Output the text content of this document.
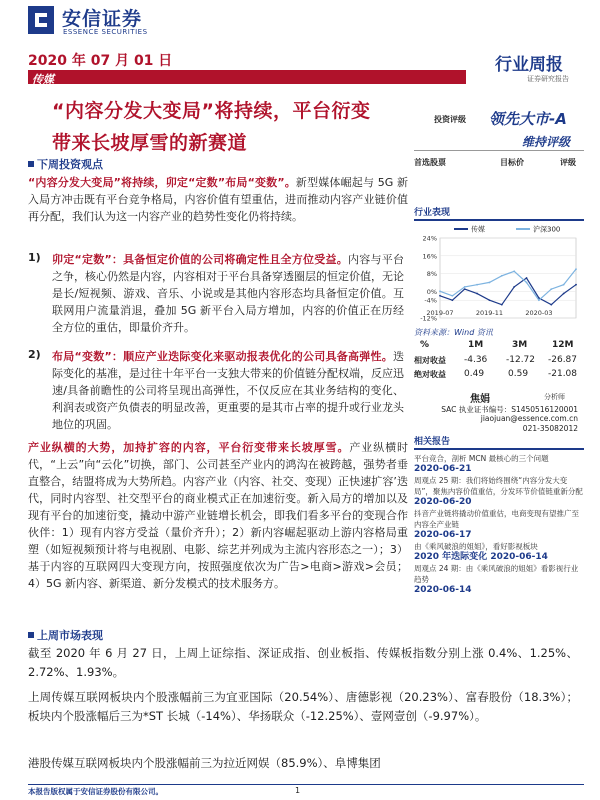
安信证券
ESSENCE SECURITIES
2020 年 07 月 01 日	行业周报
证券研究报告
传媒
“内容分发大变局”将持续，平台衍变
带来长坡厚雪的新赛道
投资评级 领先大市-A
维持评级
首选股票	目标价	评级
下周投资观点
“内容分发大变局”将持续，卯定“定数”布局“变数”。新型媒体崛起与 5G 新入局方冲击既有平台竞争格局，内容价值有望重估，进而推动内容产业链价值再分配，我们认为这一内容产业的趋势性变化仍将持续。
1) 卯定“定数”：具备恒定价值的公司将确定性且全方位受益。内容与平台之争，核心仍然是内容，内容相对于平台具备穿透圈层的恒定价值，无论是长/短视频、游戏、音乐、小说或是其他内容形态均具备恒定价值。互联网用户流量消退，叠加 5G 新平台入局方增加，内容的价值正在历经全方位的重估，即量价齐升。
2) 布局“变数”：顺应产业迭际变化来驱动报表优化的公司具备高弹性。迭际变化的基准，是过往十年平台一支独大带来的价值链分配权端，反应迅速/具备前瞻性的公司将呈现出高弹性，不仅反应在其业务结构的变化、利润表或资产负债表的明显改善，更重要的是其市占率的提升或行业龙头地位的巩固。
产业纵横的大势，加持扩容的内容，平台衍变带来长坡厚雪。产业纵横时代，“上云”向“云化”切换，部门、公司甚至产业内的鸿沟在被跨越，强势者垂直整合，结盟将成为大势所趋。内容产业（内容、社交、变现）正快速扩容’迭代，同时内容型、社交型平台的商业模式正在加速衍变。新入局方的增加以及现有平台的加速衍变，撬动中游产业链增长机会，即我们看多平台的变现合作伙伴：1）现有内容方受益（量价齐升）；2）新内容崛起驱动上游内容格局重塑（如短视频预计将与电视剧、电影、综艺并列成为主流内容形态之一）；3）基于内容的互联网四大变现方向，按照强度依次为广告>电商>游戏>会员；4）5G 新内容、新渠道、新分发模式的技术服务方。
上周市场表现
截至 2020 年 6 月 27 日，上周上证综指、深证成指、创业板指、传媒板指数分别上涨 0.4%、1.25%、2.72%、1.93%。
上周传媒互联网板块内个股涨幅前三为宜亚国际（20.54%）、唐德影视（20.23%）、富春股份（18.3%）；板块内个股涨幅后三为*ST 长城（-14%）、华扬联众（-12.25%）、壹网壹创（-9.97%）。
港股传媒互联网板块内个股涨幅前三为拉近网娱（85.9%）、阜博集团
行业表现
24%
16%
8%
0%
-4%
-12%
2019-07	2019-11	2020-03
传媒	沪深300
资料来源：Wind 资讯
%	1M	3M	12M
相对收益 -4.36 -12.72 -26.87
绝对收益 0.49	0.59 -21.08
焦娟	分析师
SAC 执业证书编号：S1450516120001
jiaojuan@essence.com.cn
021-35082012
相关报告
平台竞合，剖析 MCN 最核心的三个问题
2020-06-21
周观点 25 期：我们将始终围绕“内容分发大变局”，聚焦内容价值重估，分发环节价值链重新分配
2020-06-20
抖音产业链将撬动价值重估，电商变现有望推广至内容全产业链
2020-06-17
由《乘风破浪的姐姐》，看好影视板块
2020 年迭际变化 2020-06-14
周观点 24 期：由《乘风破浪的姐姐》看影视行业趋势
2020-06-14
本报告版权属于安信证券股份有限公司。	1
